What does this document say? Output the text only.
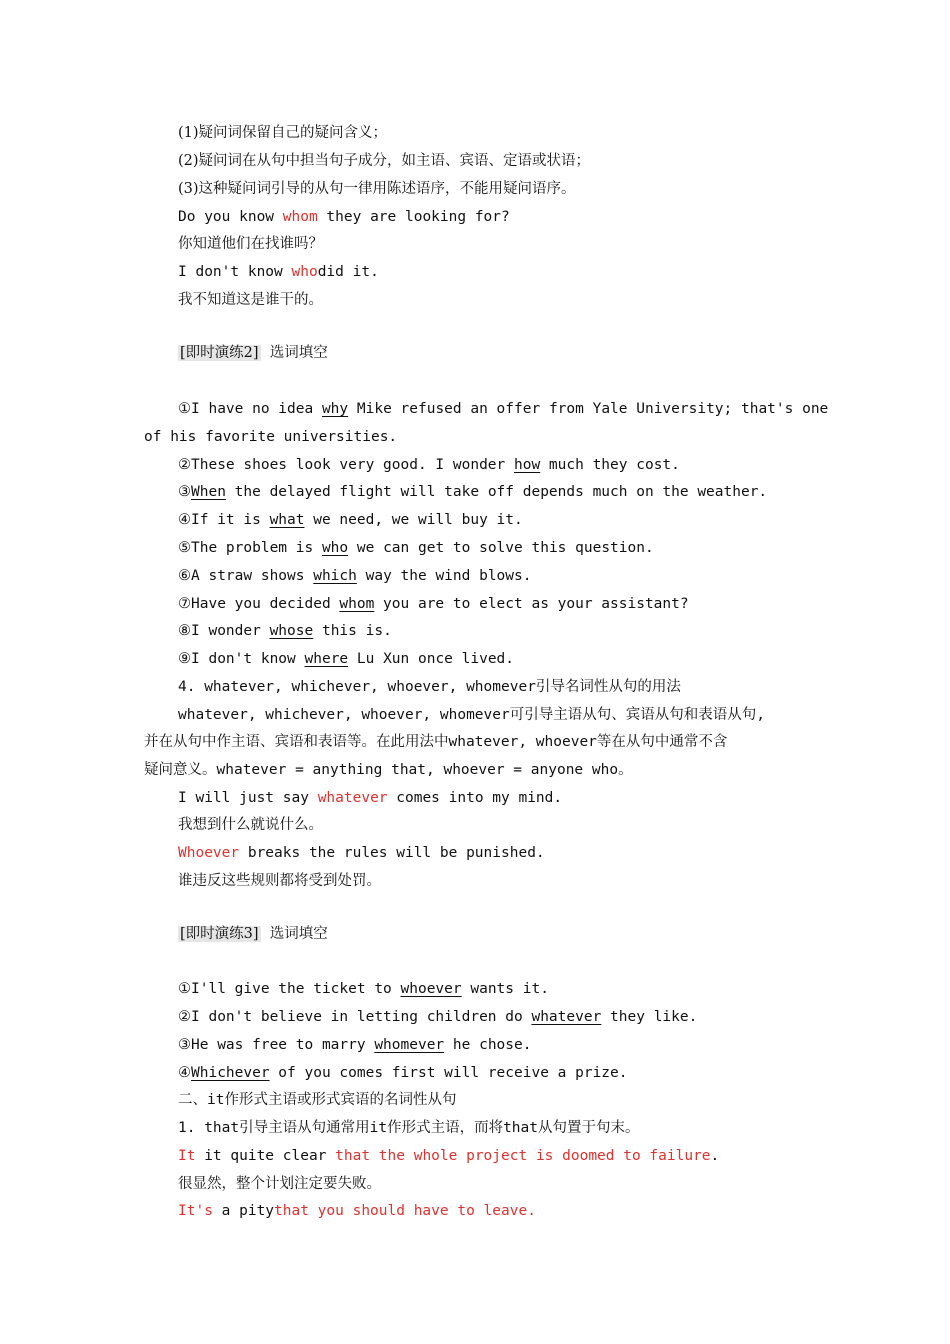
(1)疑问词保留自己的疑问含义；
(2)疑问词在从句中担当句子成分，如主语、宾语、定语或状语；
(3)这种疑问词引导的从句一律用陈述语序，不能用疑问语序。
Do you know whom they are looking for?
你知道他们在找谁吗？
I don't know whodid it.
我不知道这是谁干的。
[即时演练2] 选词填空
①I have no idea why Mike refused an offer from Yale University; that's one
of his favorite universities.
②These shoes look very good. I wonder how much they cost.
③When the delayed flight will take off depends much on the weather.
④If it is what we need, we will buy it.
⑤The problem is who we can get to solve this question.
⑥A straw shows which way the wind blows.
⑦Have you decided whom you are to elect as your assistant?
⑧I wonder whose this is.
⑨I don't know where Lu Xun once lived.
4. whatever, whichever, whoever, whomever引导名词性从句的用法
whatever, whichever, whoever, whomever可引导主语从句、宾语从句和表语从句,
并在从句中作主语、宾语和表语等。在此用法中whatever, whoever等在从句中通常不含
疑问意义。whatever = anything that, whoever = anyone who。
I will just say whatever comes into my mind.
我想到什么就说什么。
Whoever breaks the rules will be punished.
谁违反这些规则都将受到处罚。
[即时演练3] 选词填空
①I'll give the ticket to whoever wants it.
②I don't believe in letting children do whatever they like.
③He was free to marry whomever he chose.
④Whichever of you comes first will receive a prize.
二、it作形式主语或形式宾语的名词性从句
1. that引导主语从句通常用it作形式主语，而将that从句置于句末。
It it quite clear that the whole project is doomed to failure.
很显然，整个计划注定要失败。
It's a pitythat you should have to leave.
